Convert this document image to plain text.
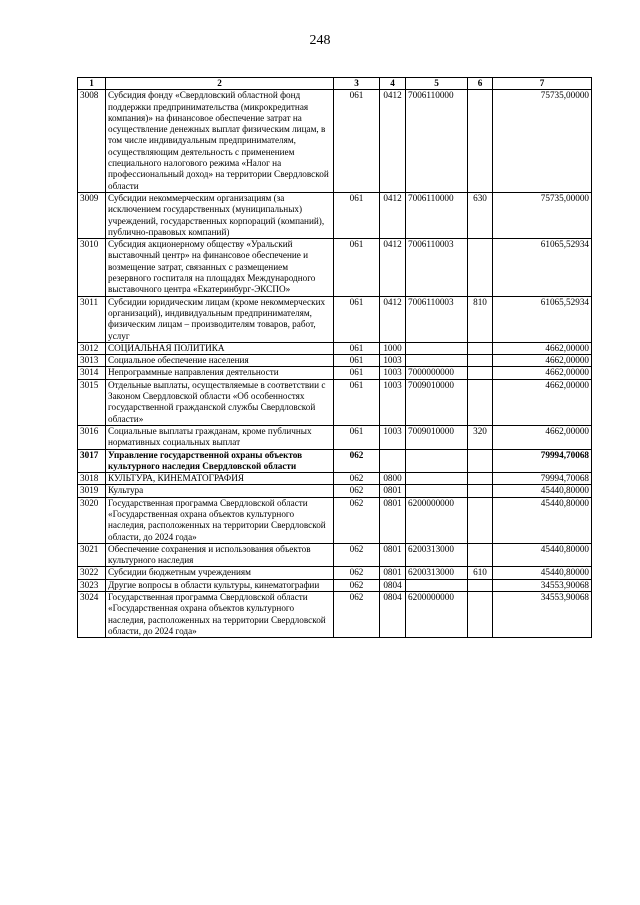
248
1	2	3	4	5	6	7
3008	Субсидия фонду «Свердловский областной фонд поддержки предпринимательства (микрокредитная компания)» на финансовое обеспечение затрат на осуществление денежных выплат физическим лицам, в том числе индивидуальным предпринимателям, осуществляющим деятельность с применением специального налогового режима «Налог на профессиональный доход» на территории Свердловской области	061	0412	7006110000		75735,00000
3009	Субсидии некоммерческим организациям (за исключением государственных (муниципальных) учреждений, государственных корпораций (компаний), публично-правовых компаний)	061	0412	7006110000	630	75735,00000
3010	Субсидия акционерному обществу «Уральский выставочный центр» на финансовое обеспечение и возмещение затрат, связанных с размещением резервного госпиталя на площадях Международного выставочного центра «Екатеринбург-ЭКСПО»	061	0412	7006110003		61065,52934
3011	Субсидии юридическим лицам (кроме некоммерческих организаций), индивидуальным предпринимателям, физическим лицам – производителям товаров, работ, услуг	061	0412	7006110003	810	61065,52934
3012	СОЦИАЛЬНАЯ ПОЛИТИКА	061	1000			4662,00000
3013	Социальное обеспечение населения	061	1003			4662,00000
3014	Непрограммные направления деятельности	061	1003	7000000000		4662,00000
3015	Отдельные выплаты, осуществляемые в соответствии с Законом Свердловской области «Об особенностях государственной гражданской службы Свердловской области»	061	1003	7009010000		4662,00000
3016	Социальные выплаты гражданам, кроме публичных нормативных социальных выплат	061	1003	7009010000	320	4662,00000
3017	Управление государственной охраны объектов культурного наследия Свердловской области	062				79994,70068
3018	КУЛЬТУРА, КИНЕМАТОГРАФИЯ	062	0800			79994,70068
3019	Культура	062	0801			45440,80000
3020	Государственная программа Свердловской области «Государственная охрана объектов культурного наследия, расположенных на территории Свердловской области, до 2024 года»	062	0801	6200000000		45440,80000
3021	Обеспечение сохранения и использования объектов культурного наследия	062	0801	6200313000		45440,80000
3022	Субсидии бюджетным учреждениям	062	0801	6200313000	610	45440,80000
3023	Другие вопросы в области культуры, кинематографии	062	0804			34553,90068
3024	Государственная программа Свердловской области «Государственная охрана объектов культурного наследия, расположенных на территории Свердловской области, до 2024 года»	062	0804	6200000000		34553,90068
